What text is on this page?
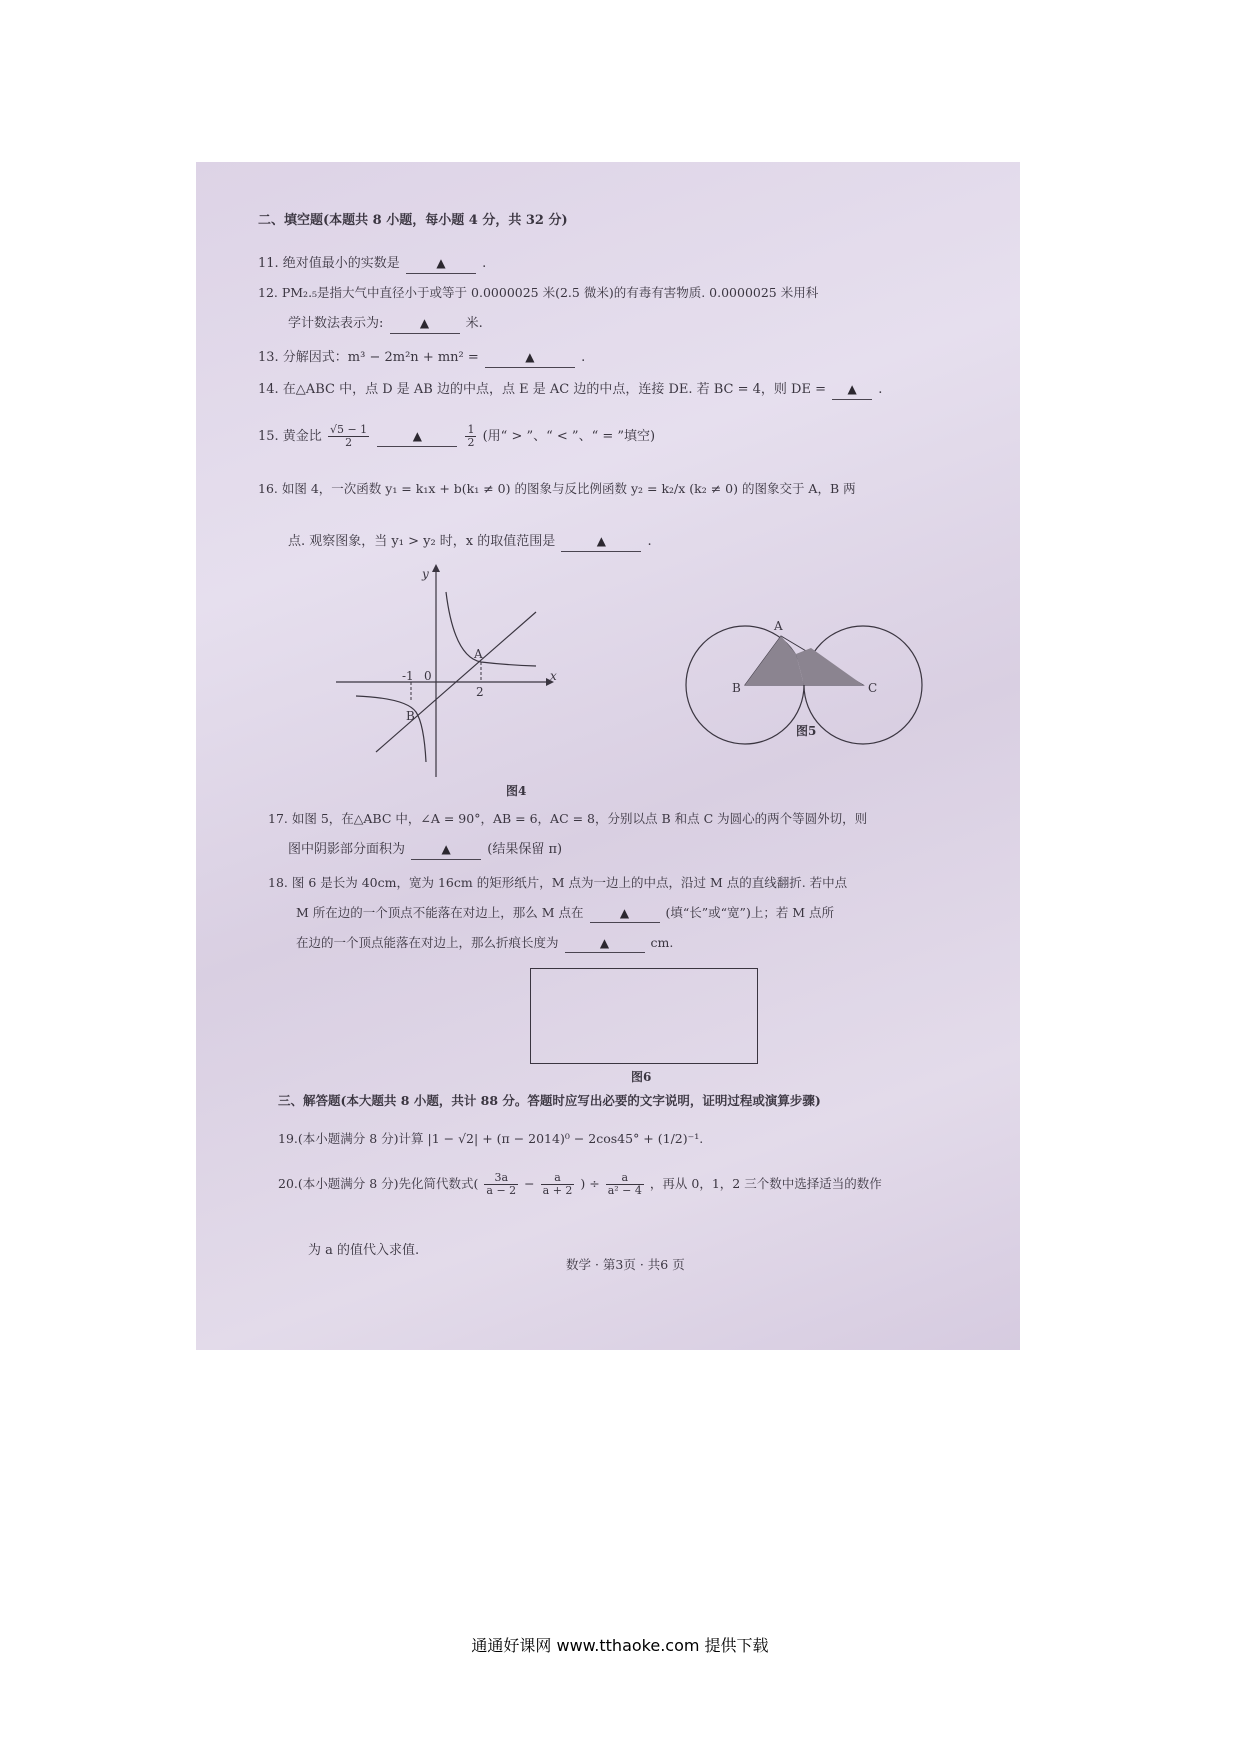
二、填空题(本题共 8 小题，每小题 4 分，共 32 分)
11. 绝对值最小的实数是	▲	.
12. PM₂.₅是指大气中直径小于或等于 0.0000025 米(2.5 微米)的有毒有害物质. 0.0000025 米用科
学计数法表示为:	▲	米.
13. 分解因式：m³ − 2m²n + mn² =	▲	.
14. 在△ABC 中，点 D 是 AB 边的中点，点 E 是 AC 边的中点，连接 DE. 若 BC = 4，则 DE = ▲ .
15. 黄金比 $\frac{√5 - 1}{2}$	▲	$\frac{1}{2}$ (用“ > ”、“ < ”、“ = ”填空)
16. 如图 4，一次函数 y₁ = k₁x + b(k₁ ≠ 0) 的图象与反比例函数 y₂ = k₂/x (k₂ ≠ 0) 的图象交于 A，B 两
点. 观察图象，当 y₁ > y₂ 时，x 的取值范围是	▲	.
y
x
0
-1
2
A
B
图4
A
B	C
图5
17. 如图 5，在△ABC 中，∠A = 90°，AB = 6，AC = 8，分别以点 B 和点 C 为圆心的两个等圆外切，则
图中阴影部分面积为	▲	(结果保留 π)
18. 图 6 是长为 40cm，宽为 16cm 的矩形纸片，M 点为一边上的中点，沿过 M 点的直线翻折. 若中点
M 所在边的一个顶点不能落在对边上，那么 M 点在	▲	(填“长”或“宽”)上；若 M 点所
在边的一个顶点能落在对边上，那么折痕长度为	▲	cm.
图6
三、解答题(本大题共 8 小题，共计 88 分。答题时应写出必要的文字说明，证明过程或演算步骤)
19.(本小题满分 8 分)计算 |1 − √2| + (π − 2014)⁰ − 2cos45° + (1/2)⁻¹.
20.(本小题满分 8 分)先化简代数式( $\frac{3a}{a - 2} - \frac{a}{a + 2}$ ) ÷ $\frac{a}{\text{a² − 4}}$ ，再从 0，1，2 三个数中选择适当的数作
为 a 的值代入求值.
数学 · 第3页 · 共6 页
通通好课网 www.tthaoke.com 提供下载
